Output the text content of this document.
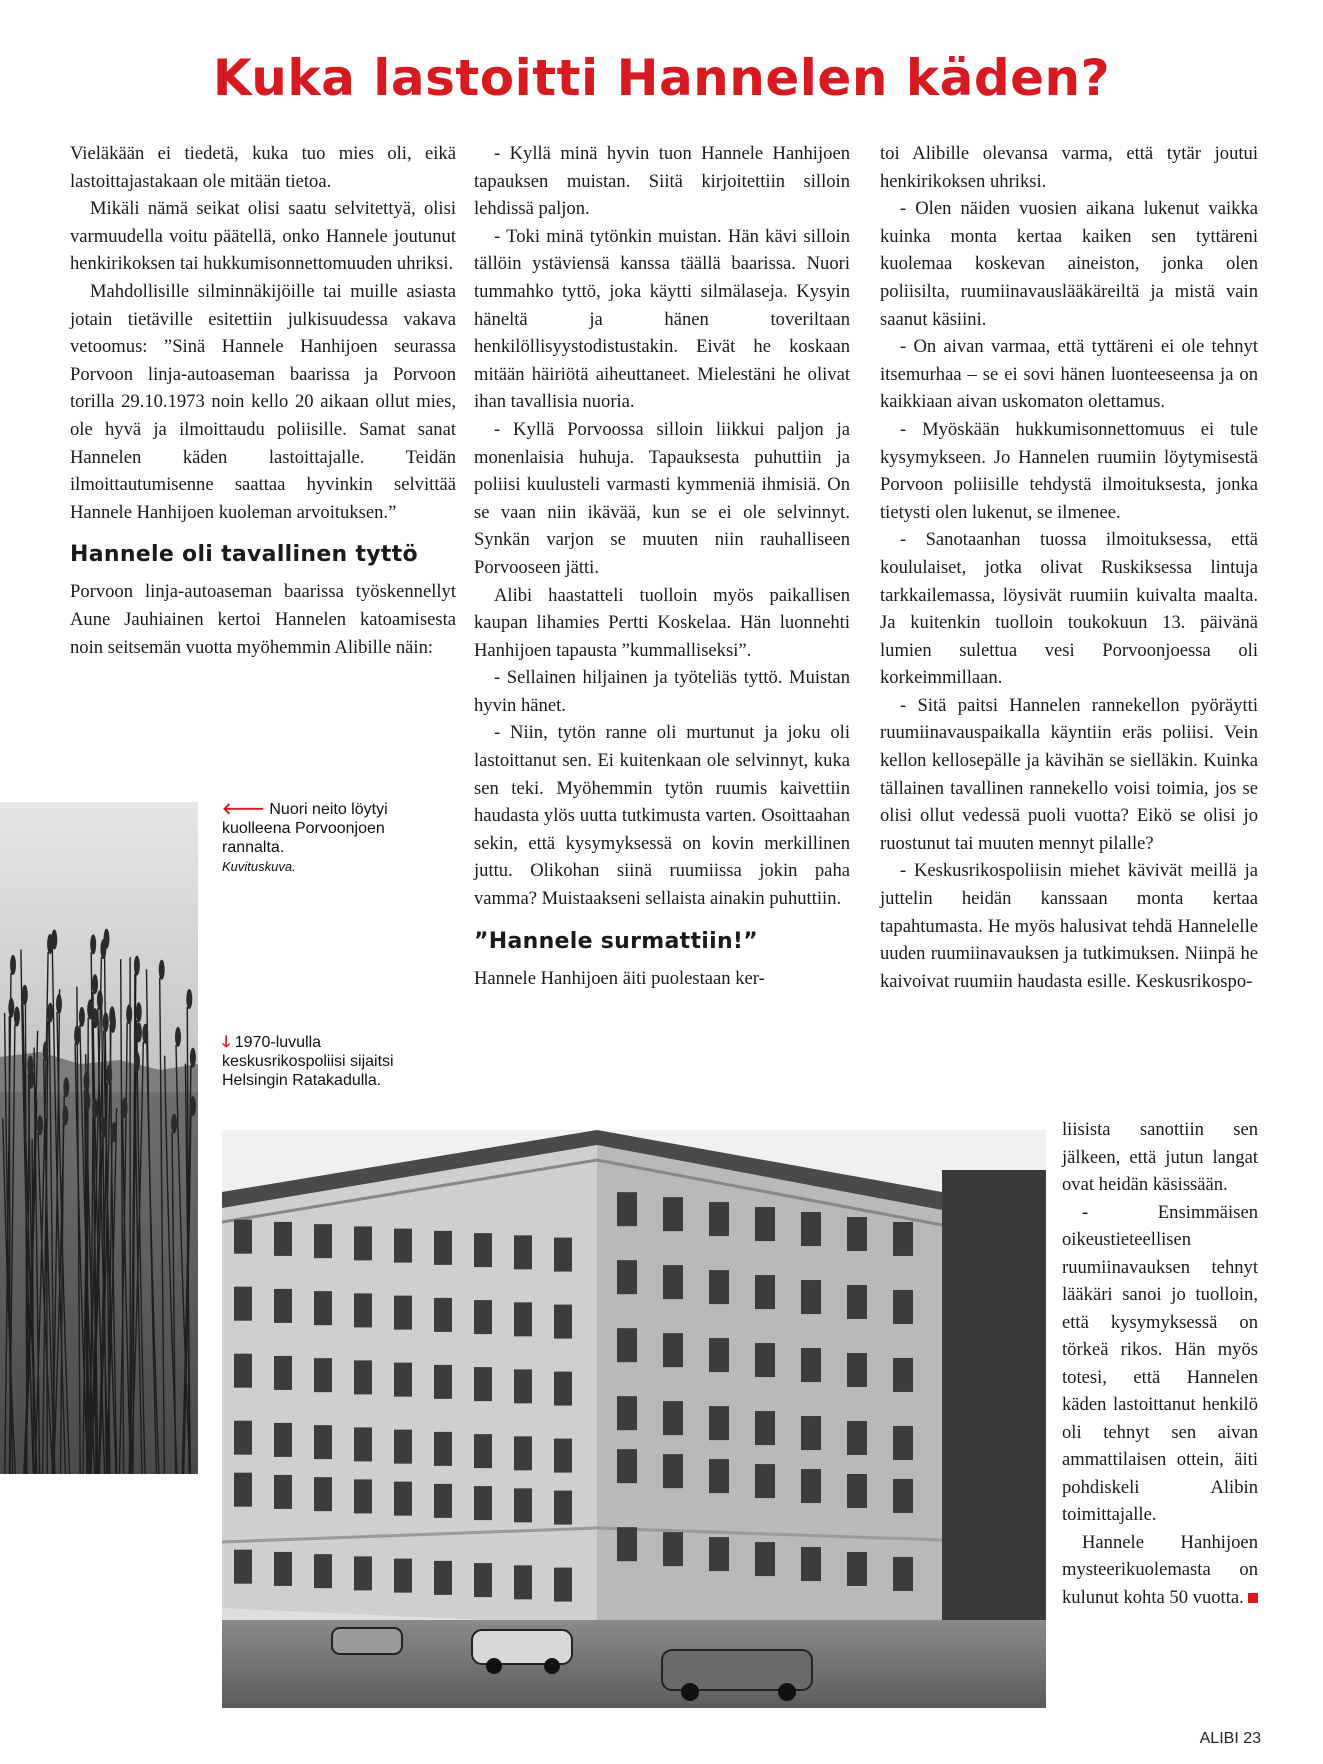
Kuka lastoitti Hannelen käden?

Vieläkään ei tiedetä, kuka tuo mies oli, eikä lastoittajastakaan ole mitään tietoa.

Mikäli nämä seikat olisi saatu selvitettyä, olisi varmuudella voitu päätellä, onko Hannele joutunut henkirikoksen tai hukkumisonnettomuuden uhriksi.

Mahdollisille silminnäkijöille tai muille asiasta jotain tietäville esitettiin julkisuudessa vakava vetoomus: ”Sinä Hannele Hanhijoen seurassa Porvoon linja-autoaseman baarissa ja Porvoon torilla 29.10.1973 noin kello 20 aikaan ollut mies, ole hyvä ja ilmoittaudu poliisille. Samat sanat Hannelen käden lastoittajalle. Teidän ilmoittautumisenne saattaa hyvinkin selvittää Hannele Hanhijoen kuoleman arvoituksen.”

Hannele oli tavallinen tyttö

Porvoon linja-autoaseman baarissa työskennellyt Aune Jauhiainen kertoi Hannelen katoamisesta noin seitsemän vuotta myöhemmin Alibille näin:

- Kyllä minä hyvin tuon Hannele Hanhijoen tapauksen muistan. Siitä kirjoitettiin silloin lehdissä paljon.

- Toki minä tytönkin muistan. Hän kävi silloin tällöin ystäviensä kanssa täällä baarissa. Nuori tummahko tyttö, joka käytti silmälaseja. Kysyin häneltä ja hänen toveriltaan henkilöllisyystodistustakin. Eivät he koskaan mitään häiriötä aiheuttaneet. Mielestäni he olivat ihan tavallisia nuoria.

- Kyllä Porvoossa silloin liikkui paljon ja monenlaisia huhuja. Tapauksesta puhuttiin ja poliisi kuulusteli varmasti kymmeniä ihmisiä. On se vaan niin ikävää, kun se ei ole selvinnyt. Synkän varjon se muuten niin rauhalliseen Porvooseen jätti.

Alibi haastatteli tuolloin myös paikallisen kaupan lihamies Pertti Koskelaa. Hän luonnehti Hanhijoen tapausta ”kummalliseksi”.

- Sellainen hiljainen ja työteliäs tyttö. Muistan hyvin hänet.

- Niin, tytön ranne oli murtunut ja joku oli lastoittanut sen. Ei kuitenkaan ole selvinnyt, kuka sen teki. Myöhemmin tytön ruumis kaivettiin haudasta ylös uutta tutkimusta varten. Osoittaahan sekin, että kysymyksessä on kovin merkillinen juttu. Olikohan siinä ruumiissa jokin paha vamma? Muistaakseni sellaista ainakin puhuttiin.

”Hannele surmattiin!”

Hannele Hanhijoen äiti puolestaan ker-

toi Alibille olevansa varma, että tytär joutui henkirikoksen uhriksi.

- Olen näiden vuosien aikana lukenut vaikka kuinka monta kertaa kaiken sen tyttäreni kuolemaa koskevan aineiston, jonka olen poliisilta, ruumiinavauslääkäreiltä ja mistä vain saanut käsiini.

- On aivan varmaa, että tyttäreni ei ole tehnyt itsemurhaa – se ei sovi hänen luonteeseensa ja on kaikkiaan aivan uskomaton olettamus.

- Myöskään hukkumisonnettomuus ei tule kysymykseen. Jo Hannelen ruumiin löytymisestä Porvoon poliisille tehdystä ilmoituksesta, jonka tietysti olen lukenut, se ilmenee.

- Sanotaanhan tuossa ilmoituksessa, että koululaiset, jotka olivat Ruskiksessa lintuja tarkkailemassa, löysivät ruumiin kuivalta maalta. Ja kuitenkin tuolloin toukokuun 13. päivänä lumien sulettua vesi Porvoonjoessa oli korkeimmillaan.

- Sitä paitsi Hannelen rannekellon pyöräytti ruumiinavauspaikalla käyntiin eräs poliisi. Vein kellon kellosepälle ja kävihän se sielläkin. Kuinka tällainen tavallinen rannekello voisi toimia, jos se olisi ollut vedessä puoli vuotta? Eikö se olisi jo ruostunut tai muuten mennyt pilalle?

- Keskusrikospoliisin miehet kävivät meillä ja juttelin heidän kanssaan monta kertaa tapahtumasta. He myös halusivat tehdä Hannelelle uuden ruumiinavauksen ja tutkimuksen. Niinpä he kaivoivat ruumiin haudasta esille. Keskusrikospo-

liisista sanottiin sen jälkeen, että jutun langat ovat heidän käsissään.

- Ensimmäisen oikeustieteellisen ruumiinavauksen tehnyt lääkäri sanoi jo tuolloin, että kysymyksessä on törkeä rikos. Hän myös totesi, että Hannelen käden lastoittanut henkilö oli tehnyt sen aivan ammattilaisen ottein, äiti pohdiskeli Alibin toimittajalle.

Hannele Hanhijoen mysteerikuolemasta on kulunut kohta 50 vuotta.

🡐 Nuori neito löytyi kuolleena Porvoonjoen rannalta.
Kuvituskuva.
🡓 1970-luvulla keskusrikospoliisi sijaitsi Helsingin Ratakadulla.
ALIBI 23
